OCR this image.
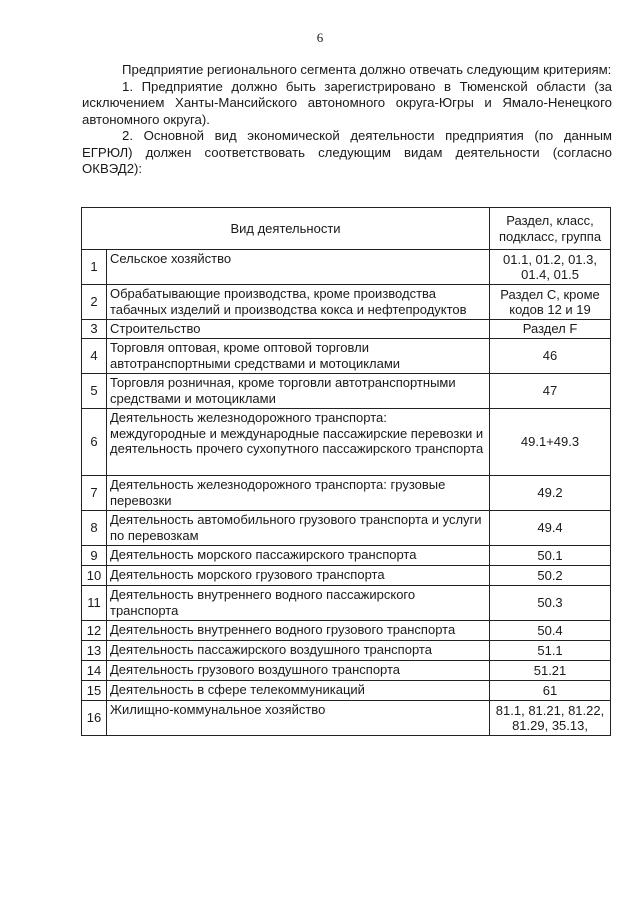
6

Предприятие регионального сегмента должно отвечать следующим критериям:

1. Предприятие должно быть зарегистрировано в Тюменской области (за исключением Ханты-Мансийского автономного округа-Югры и Ямало-Ненецкого автономного округа).

2. Основной вид экономической деятельности предприятия (по данным ЕГРЮЛ) должен соответствовать следующим видам деятельности (согласно ОКВЭД2):

Вид деятельности		Раздел, класс, подкласс, группа
1	Сельское хозяйство	01.1, 01.2, 01.3, 01.4, 01.5
2	Обрабатывающие производства, кроме производства табачных изделий и производства кокса и нефтепродуктов	Раздел С, кроме кодов 12 и 19
3	Строительство	Раздел F
4	Торговля оптовая, кроме оптовой торговли автотранспортными средствами и мотоциклами	46
5	Торговля розничная, кроме торговли автотранспортными средствами и мотоциклами	47
6	Деятельность железнодорожного транспорта: междугородные и международные пассажирские перевозки и деятельность прочего сухопутного пассажирского транспорта	49.1+49.3
7	Деятельность железнодорожного транспорта: грузовые перевозки	49.2
8	Деятельность автомобильного грузового транспорта и услуги по перевозкам	49.4
9	Деятельность морского пассажирского транспорта	50.1
10	Деятельность морского грузового транспорта	50.2
11	Деятельность внутреннего водного пассажирского транспорта	50.3
12	Деятельность внутреннего водного грузового транспорта	50.4
13	Деятельность пассажирского воздушного транспорта	51.1
14	Деятельность грузового воздушного транспорта	51.21
15	Деятельность в сфере телекоммуникаций	61
16	Жилищно-коммунальное хозяйство	81.1, 81.21, 81.22, 81.29, 35.13,
